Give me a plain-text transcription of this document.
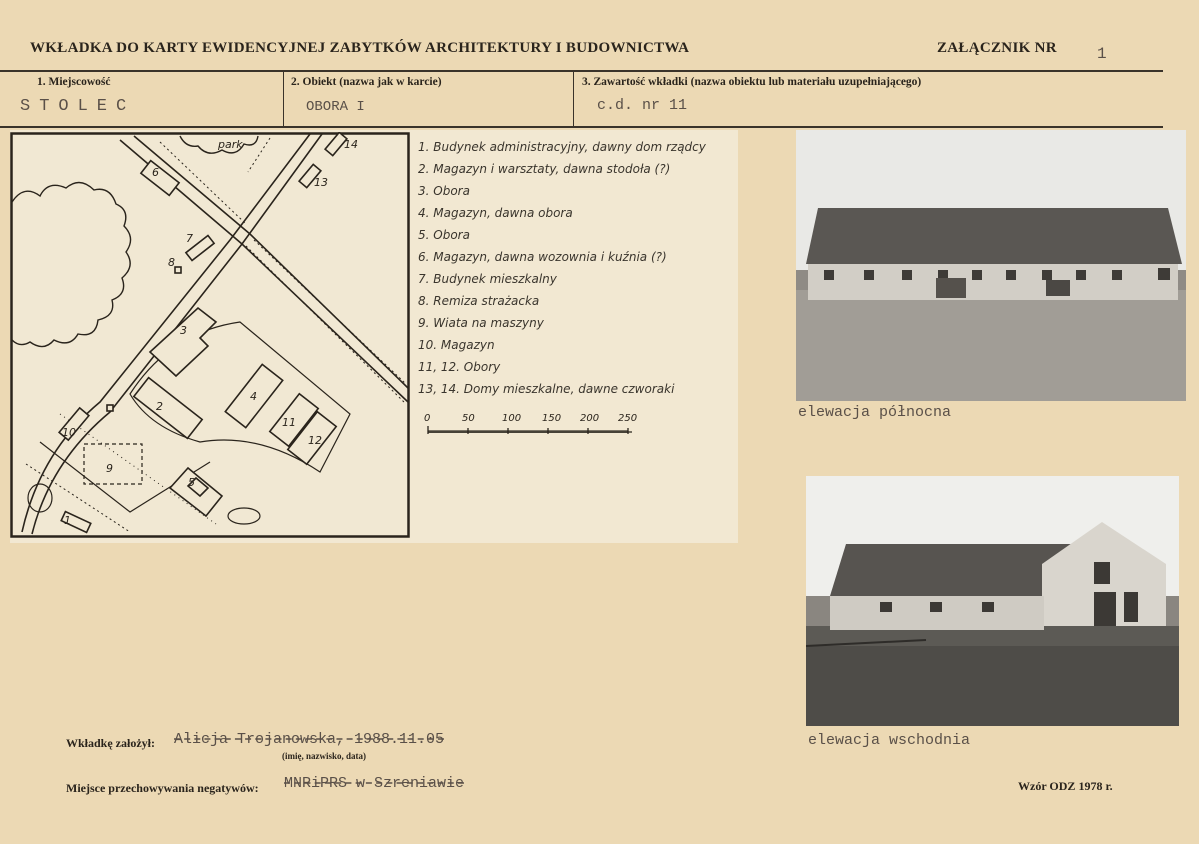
WKŁADKA DO KARTY EWIDENCYJNEJ ZABYTKÓW ARCHITEKTURY I BUDOWNICTWA	ZAŁĄCZNIK NR	1
1. Miejscowość
STOLEC
2. Obiekt (nazwa jak w karcie)
OBORA I
3. Zawartość wkładki (nazwa obiektu lub materiału uzupełniającego)
c.d. nr 11
park
1
2
3
4
5
6
7
8
9
10
11
12
13
14	1. Budynek administracyjny, dawny dom rządcy
2. Magazyn i warsztaty, dawna stodoła (?)
3. Obora
4. Magazyn, dawna obora
5. Obora
6. Magazyn, dawna wozownia i kuźnia (?)
7. Budynek mieszkalny
8. Remiza strażacka
9. Wiata na maszyny
10. Magazyn
11, 12. Obory
13, 14. Domy mieszkalne, dawne czworaki
0	50	100 150 200 250	elewacja północna
elewacja wschodnia
Wkładkę założył: Alicja Trojanowska, 1988.11.05
(imię, nazwisko, data)
Miejsce przechowywania negatywów: MNRiPRS w Szreniawie	Wzór ODZ 1978 r.
